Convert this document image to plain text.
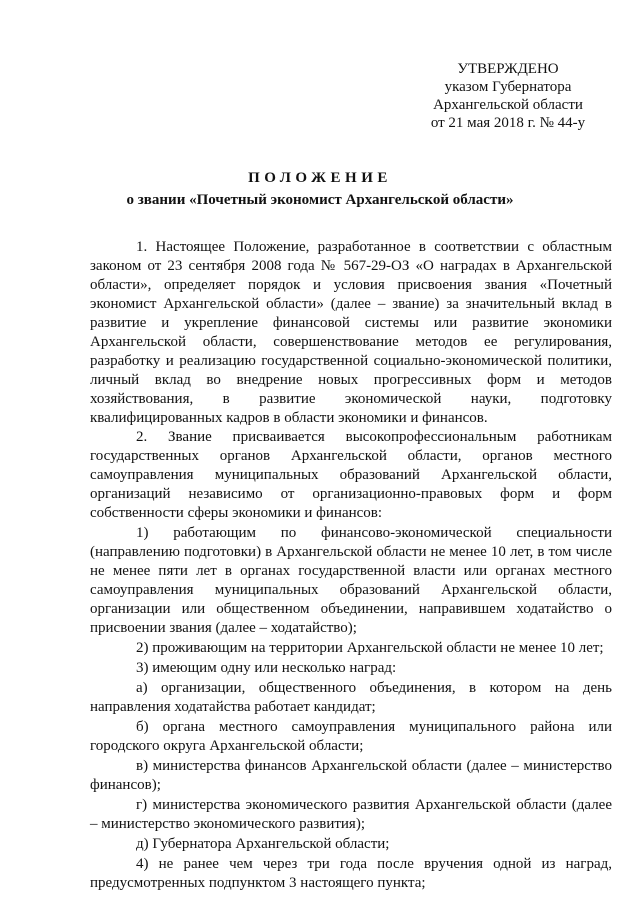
УТВЕРЖДЕНО
указом Губернатора
Архангельской области
от 21 мая 2018 г. № 44-у
ПОЛОЖЕНИЕ
о звании «Почетный экономист Архангельской области»

1. Настоящее Положение, разработанное в соответствии с областным законом от 23 сентября 2008 года № 567-29-ОЗ «О наградах в Архангельской области», определяет порядок и условия присвоения звания «Почетный экономист Архангельской области» (далее – звание) за значительный вклад в развитие и укрепление финансовой системы или развитие экономики Архангельской области, совершенствование методов ее регулирования, разработку и реализацию государственной социально-экономической политики, личный вклад во внедрение новых прогрессивных форм и методов хозяйствования, в развитие экономической науки, подготовку квалифицированных кадров в области экономики и финансов.

2. Звание присваивается высокопрофессиональным работникам государственных органов Архангельской области, органов местного самоуправления муниципальных образований Архангельской области, организаций независимо от организационно-правовых форм и форм собственности сферы экономики и финансов:

1) работающим по финансово-экономической специальности (направлению подготовки) в Архангельской области не менее 10 лет, в том числе не менее пяти лет в органах государственной власти или органах местного самоуправления муниципальных образований Архангельской области, организации или общественном объединении, направившем ходатайство о присвоении звания (далее – ходатайство);

2) проживающим на территории Архангельской области не менее 10 лет;

3) имеющим одну или несколько наград:

а) организации, общественного объединения, в котором на день направления ходатайства работает кандидат;

б) органа местного самоуправления муниципального района или городского округа Архангельской области;

в) министерства финансов Архангельской области (далее – министерство финансов);

г) министерства экономического развития Архангельской области (далее – министерство экономического развития);

д) Губернатора Архангельской области;

4) не ранее чем через три года после вручения одной из наград, предусмотренных подпунктом 3 настоящего пункта;
